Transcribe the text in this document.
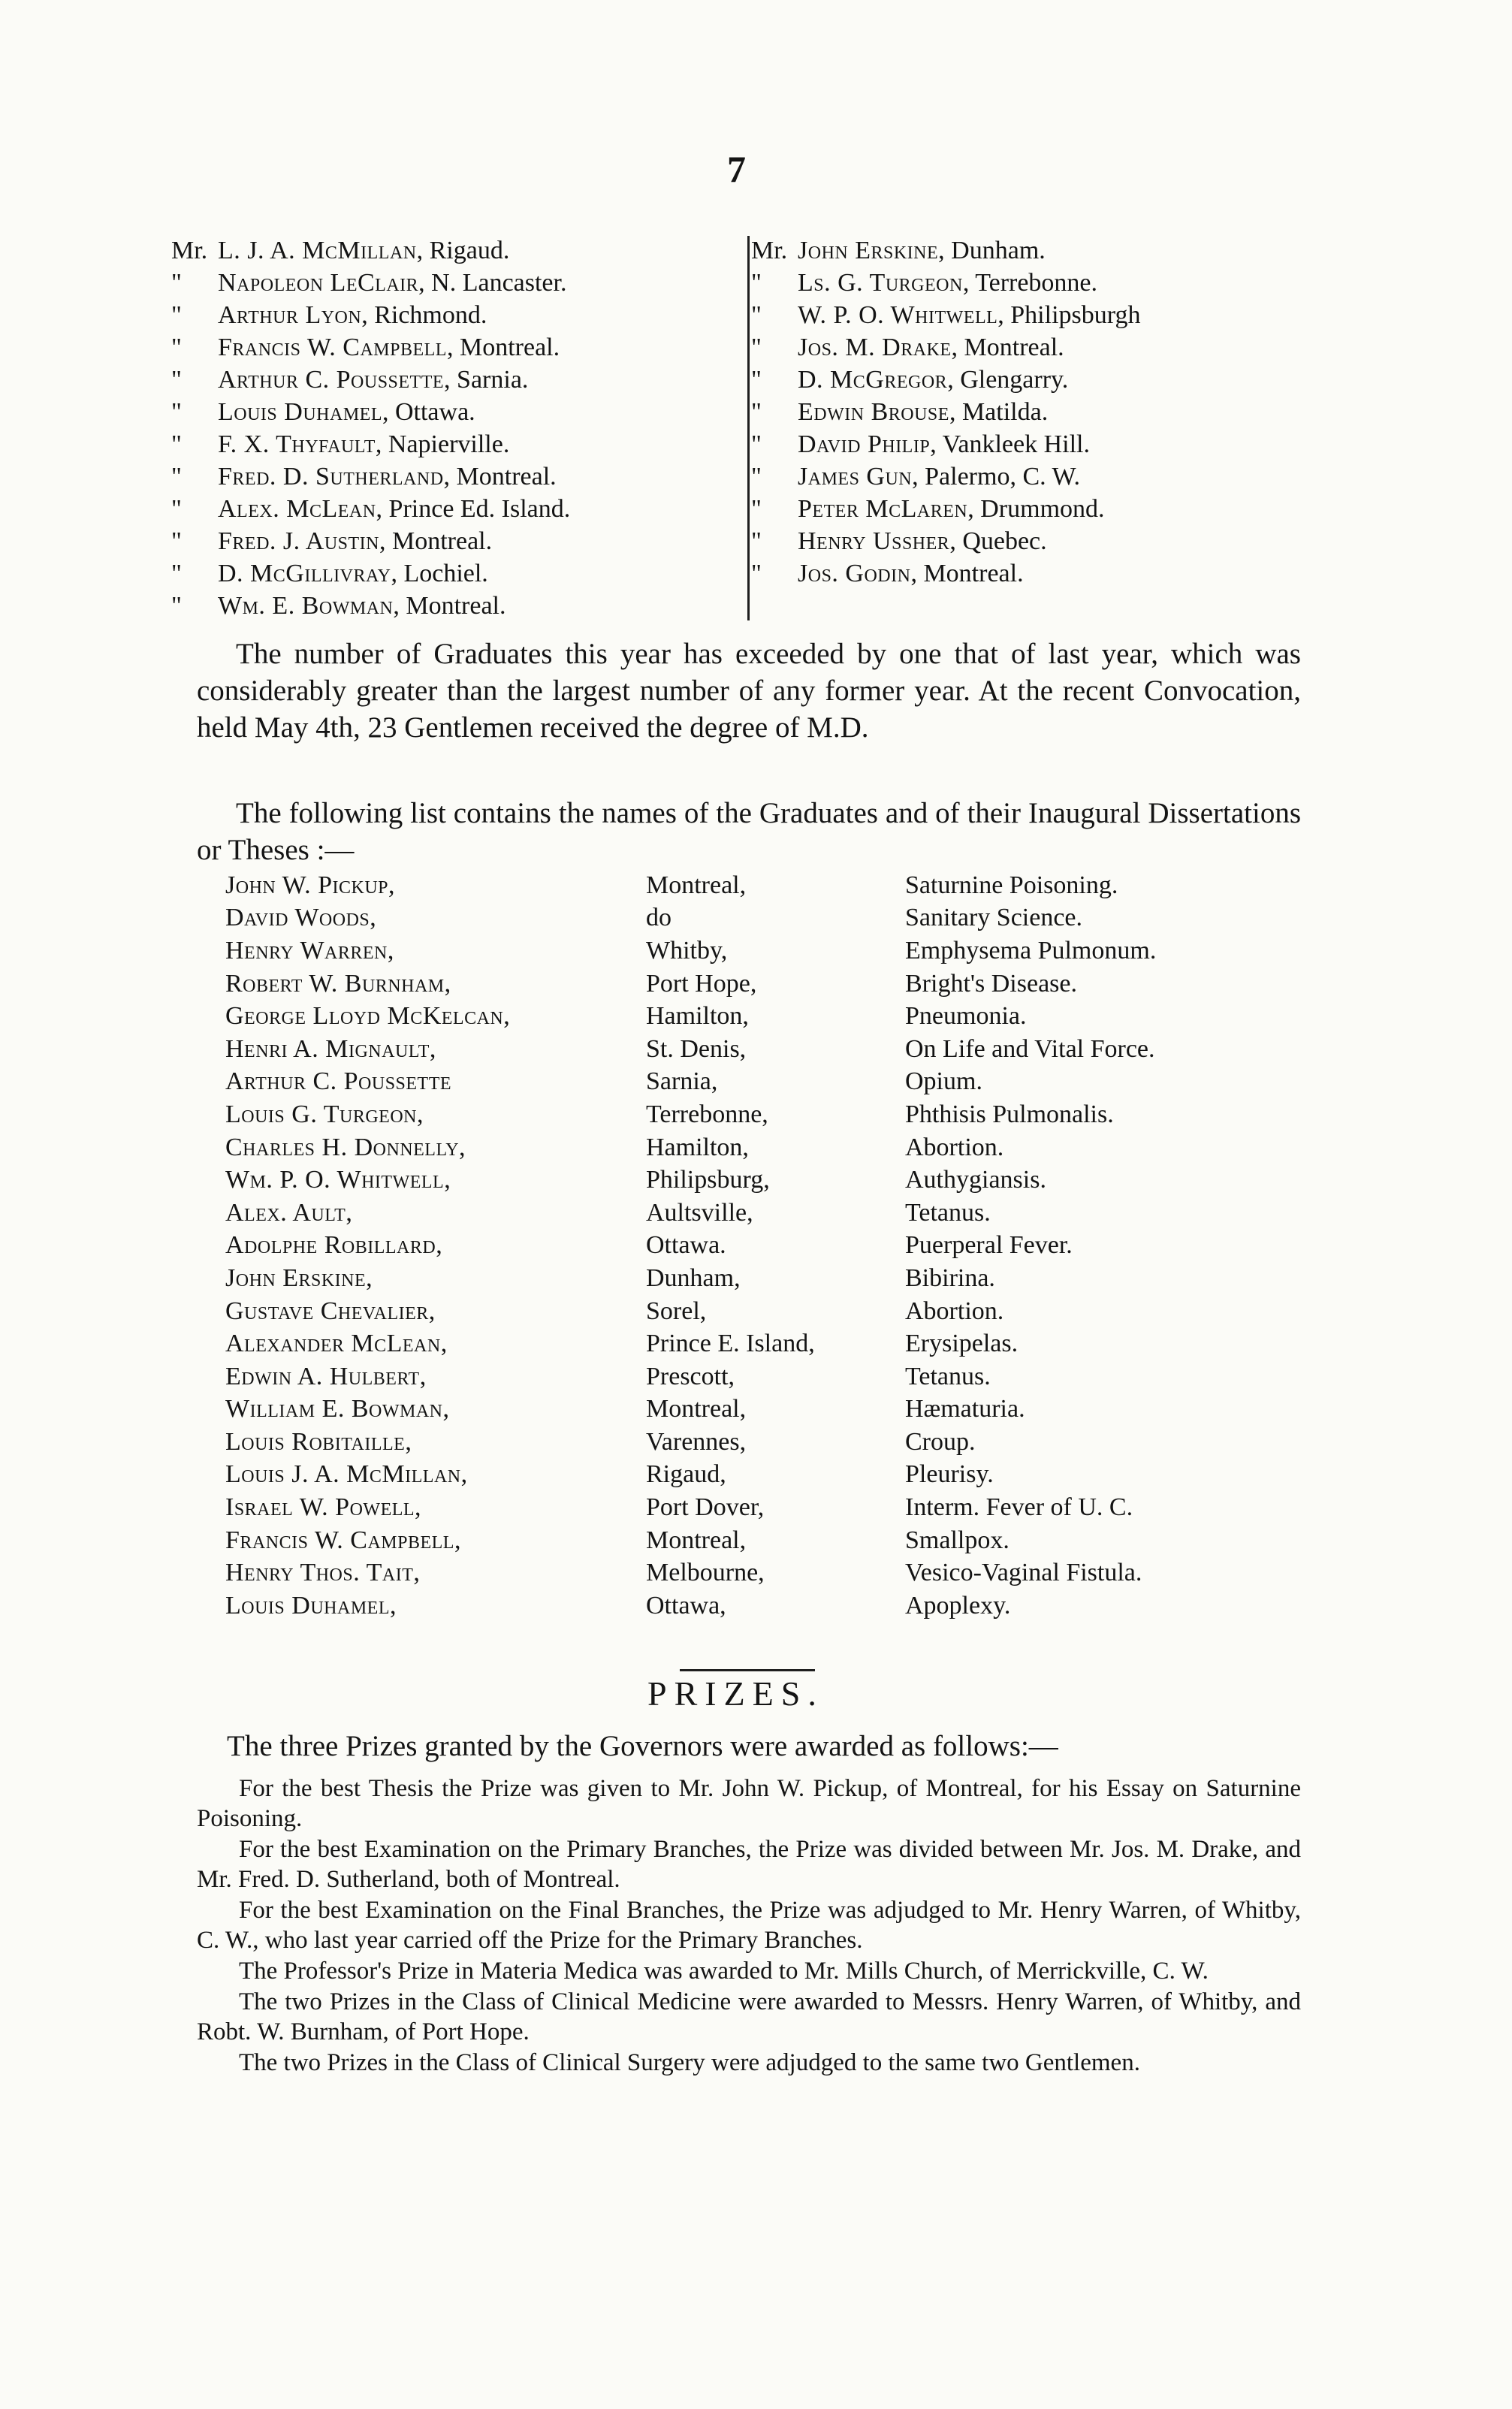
7
Mr. L. J. A. McMillan, Rigaud.
" Napoleon LeClair, N. Lancaster.
" Arthur Lyon, Richmond.
" Francis W. Campbell, Montreal.
" Arthur C. Poussette, Sarnia.
" Louis Duhamel, Ottawa.
" F. X. Thyfault, Napierville.
" Fred. D. Sutherland, Montreal.
" Alex. McLean, Prince Ed. Island.
" Fred. J. Austin, Montreal.
" D. McGillivray, Lochiel.
" Wm. E. Bowman, Montreal.
Mr. John Erskine, Dunham.
" Ls. G. Turgeon, Terrebonne.
" W. P. O. Whitwell, Philipsburgh
" Jos. M. Drake, Montreal.
" D. McGregor, Glengarry.
" Edwin Brouse, Matilda.
" David Philip, Vankleek Hill.
" James Gun, Palermo, C. W.
" Peter McLaren, Drummond.
" Henry Ussher, Quebec.
" Jos. Godin, Montreal.
The number of Graduates this year has exceeded by one that of last year, which was considerably greater than the largest number of any former year. At the recent Convocation, held May 4th, 23 Gentlemen received the degree of M.D.
The following list contains the names of the Graduates and of their Inaugural Dissertations or Theses :—
John W. Pickup,	Montreal,	Saturnine Poisoning.
David Woods,	do	Sanitary Science.
Henry Warren,	Whitby,	Emphysema Pulmonum.
Robert W. Burnham,	Port Hope,	Bright's Disease.
George Lloyd McKelcan,	Hamilton,	Pneumonia.
Henri A. Mignault,	St. Denis,	On Life and Vital Force.
Arthur C. Poussette	Sarnia,	Opium.
Louis G. Turgeon,	Terrebonne,	Phthisis Pulmonalis.
Charles H. Donnelly,	Hamilton,	Abortion.
Wm. P. O. Whitwell,	Philipsburg,	Authygiansis.
Alex. Ault,	Aultsville,	Tetanus.
Adolphe Robillard,	Ottawa.	Puerperal Fever.
John Erskine,	Dunham,	Bibirina.
Gustave Chevalier,	Sorel,	Abortion.
Alexander McLean,	Prince E. Island,	Erysipelas.
Edwin A. Hulbert,	Prescott,	Tetanus.
William E. Bowman,	Montreal,	Hæmaturia.
Louis Robitaille,	Varennes,	Croup.
Louis J. A. McMillan,	Rigaud,	Pleurisy.
Israel W. Powell,	Port Dover,	Interm. Fever of U. C.
Francis W. Campbell,	Montreal,	Smallpox.
Henry Thos. Tait,	Melbourne,	Vesico-Vaginal Fistula.
Louis Duhamel,	Ottawa,	Apoplexy.
PRIZES.
The three Prizes granted by the Governors were awarded as follows:—

For the best Thesis the Prize was given to Mr. John W. Pickup, of Montreal, for his Essay on Saturnine Poisoning.

For the best Examination on the Primary Branches, the Prize was divided between Mr. Jos. M. Drake, and Mr. Fred. D. Sutherland, both of Montreal.

For the best Examination on the Final Branches, the Prize was adjudged to Mr. Henry Warren, of Whitby, C. W., who last year carried off the Prize for the Primary Branches.

The Professor's Prize in Materia Medica was awarded to Mr. Mills Church, of Merrickville, C. W.

The two Prizes in the Class of Clinical Medicine were awarded to Messrs. Henry Warren, of Whitby, and Robt. W. Burnham, of Port Hope.

The two Prizes in the Class of Clinical Surgery were adjudged to the same two Gentlemen.
